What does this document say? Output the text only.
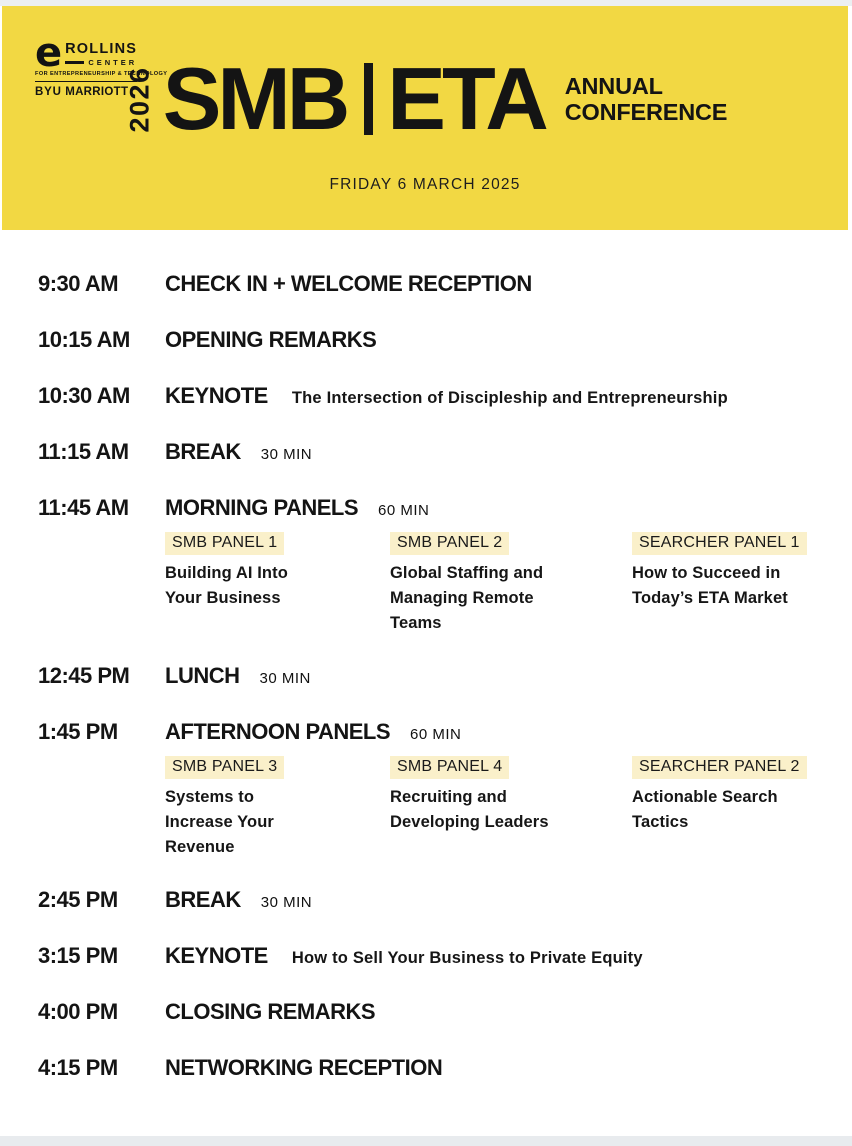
e ROLLINS
CENTER
FOR ENTREPRENEURSHIP & TECHNOLOGY
BYU MARRIOTT
2026 SMB ETA ANNUAL
CONFERENCE
FRIDAY 6 MARCH 2025
9:30 AM	CHECK IN + WELCOME RECEPTION
10:15 AM	OPENING REMARKS
10:30 AM	KEYNOTE The Intersection of Discipleship and Entrepreneurship
11:15 AM	BREAK 30 MIN
11:45 AM	MORNING PANELS 60 MIN
SMB PANEL 1
Building AI Into Your Business
SMB PANEL 2
Global Staffing and Managing Remote Teams
SEARCHER PANEL 1
How to Succeed in Today’s ETA Market
12:45 PM	LUNCH 30 MIN
1:45 PM	AFTERNOON PANELS 60 MIN
SMB PANEL 3
Systems to Increase Your Revenue
SMB PANEL 4
Recruiting and Developing Leaders
SEARCHER PANEL 2
Actionable Search Tactics
2:45 PM	BREAK 30 MIN
3:15 PM	KEYNOTE How to Sell Your Business to Private Equity
4:00 PM	CLOSING REMARKS
4:15 PM	NETWORKING RECEPTION
